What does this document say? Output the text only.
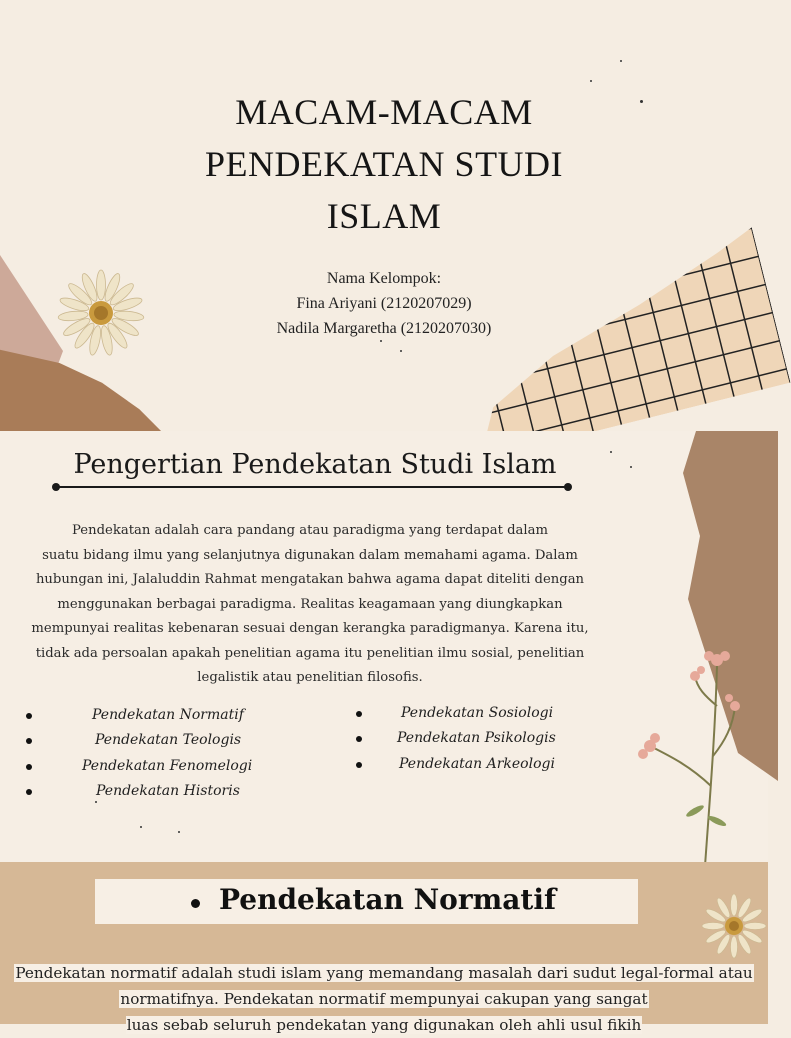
MACAM-MACAM
PENDEKATAN STUDI
ISLAM
Nama Kelompok:
Fina Ariyani (2120207029)
Nadila Margaretha (2120207030)
Pengertian Pendekatan Studi Islam
Pendekatan adalah cara pandang atau paradigma yang terdapat dalam
suatu bidang ilmu yang selanjutnya digunakan dalam memahami agama. Dalam
hubungan ini, Jalaluddin Rahmat mengatakan bahwa agama dapat diteliti dengan
menggunakan berbagai paradigma. Realitas keagamaan yang diungkapkan
mempunyai realitas kebenaran sesuai dengan kerangka paradigmanya. Karena itu,
tidak ada persoalan apakah penelitian agama itu penelitian ilmu sosial, penelitian
legalistik atau penelitian filosofis.
Pendekatan Normatif
Pendekatan Teologis
Pendekatan Fenomelogi
Pendekatan Historis
Pendekatan Sosiologi
Pendekatan Psikologis
Pendekatan Arkeologi
Pendekatan Normatif
Pendekatan normatif adalah studi islam yang memandang masalah dari sudut legal-formal atau
normatifnya. Pendekatan normatif mempunyai cakupan yang sangat
luas sebab seluruh pendekatan yang digunakan oleh ahli usul fikih
